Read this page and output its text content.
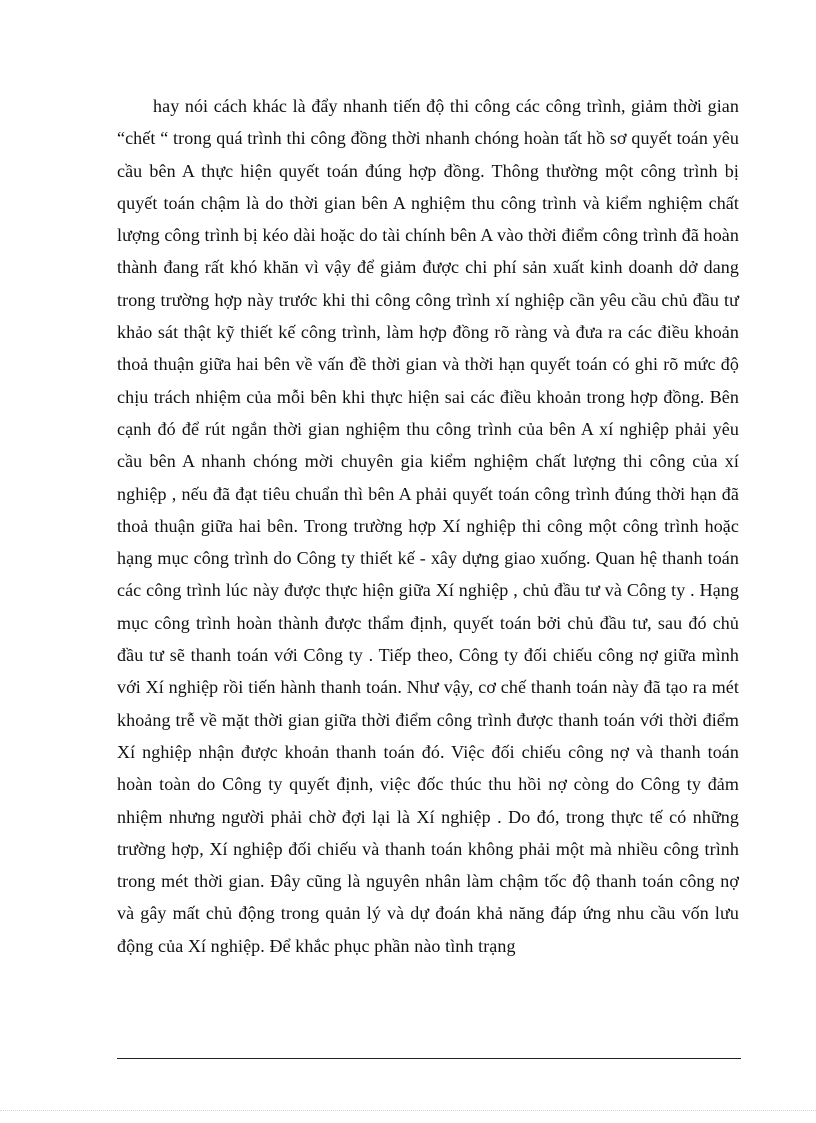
hay nói cách khác là đẩy nhanh tiến độ thi công các công trình, giảm thời gian “chết “ trong quá trình thi công đồng thời nhanh chóng hoàn tất hồ sơ quyết toán yêu cầu bên A thực hiện quyết toán đúng hợp đồng. Thông thường một công trình bị quyết toán chậm là do thời gian bên A nghiệm thu công trình và kiểm nghiệm chất lượng công trình bị kéo dài hoặc do tài chính bên A vào thời điểm công trình đã hoàn thành đang rất khó khăn vì vậy để giảm được chi phí sản xuất kinh doanh dở dang trong trường hợp này trước khi thi công công trình xí nghiệp cần yêu cầu chủ đầu tư khảo sát thật kỹ thiết kế công trình, làm hợp đồng rõ ràng và đưa ra các điều khoản thoả thuận giữa hai bên về vấn đề thời gian và thời hạn quyết toán có ghi rõ mức độ chịu trách nhiệm của mỗi bên khi thực hiện sai các điều khoản trong hợp đồng. Bên cạnh đó để rút ngắn thời gian nghiệm thu công trình của bên A xí nghiệp phải yêu cầu bên A nhanh chóng mời chuyên gia kiểm nghiệm chất lượng thi công của xí nghiệp , nếu đã đạt tiêu chuẩn thì bên A phải quyết toán công trình đúng thời hạn đã thoả thuận giữa hai bên. Trong trường hợp Xí nghiệp thi công một công trình hoặc hạng mục công trình do Công ty thiết kế - xây dựng giao xuống. Quan hệ thanh toán các công trình lúc này được thực hiện giữa Xí nghiệp , chủ đầu tư và Công ty . Hạng mục công trình hoàn thành được thẩm định, quyết toán bởi chủ đầu tư, sau đó chủ đầu tư sẽ thanh toán với Công ty . Tiếp theo, Công ty đối chiếu công nợ giữa mình với Xí nghiệp rồi tiến hành thanh toán. Như vậy, cơ chế thanh toán này đã tạo ra mét khoảng trễ về mặt thời gian giữa thời điểm công trình được thanh toán với thời điểm Xí nghiệp nhận được khoản thanh toán đó. Việc đối chiếu công nợ và thanh toán hoàn toàn do Công ty quyết định, việc đốc thúc thu hồi nợ còng do Công ty đảm nhiệm nhưng người phải chờ đợi lại là Xí nghiệp . Do đó, trong thực tế có những trường hợp, Xí nghiệp đối chiếu và thanh toán không phải một mà nhiều công trình trong mét thời gian. Đây cũng là nguyên nhân làm chậm tốc độ thanh toán công nợ và gây mất chủ động trong quản lý và dự đoán khả năng đáp ứng nhu cầu vốn lưu động của Xí nghiệp. Để khắc phục phần nào tình trạng
